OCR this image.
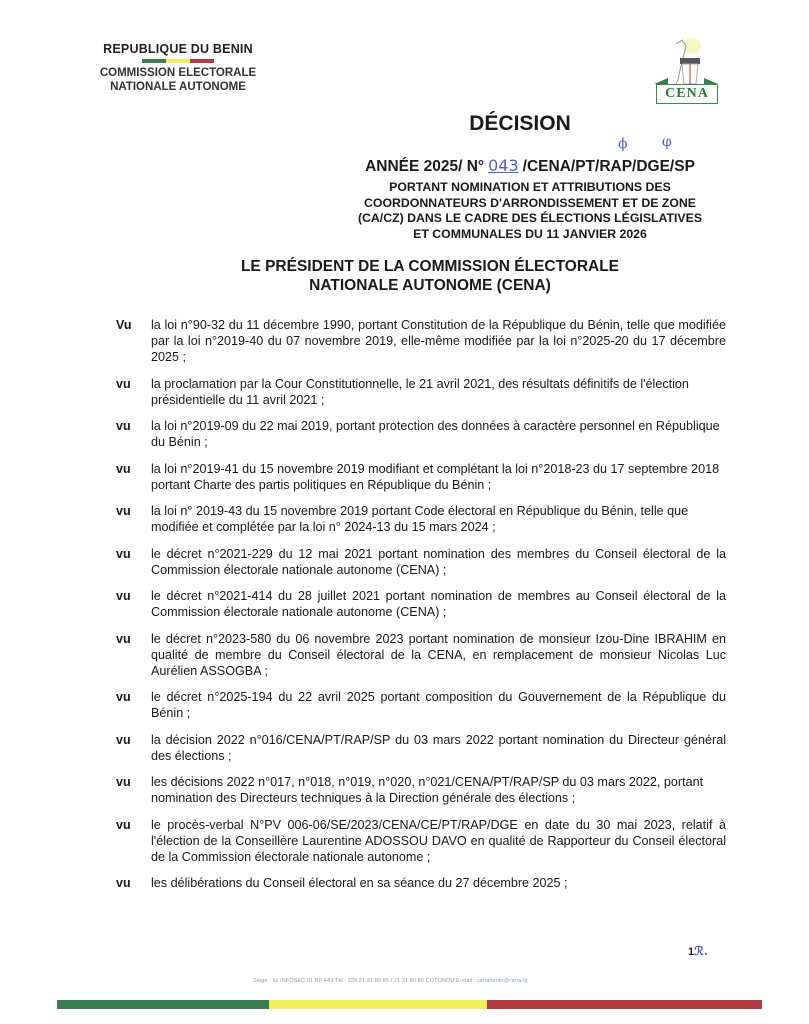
REPUBLIQUE DU BENIN
COMMISSION ELECTORALE
NATIONALE AUTONOME	CENA
DÉCISION
ANNÉE 2025/ N° 043 /CENA/PT/RAP/DGE/SP
ϕ φ
PORTANT NOMINATION ET ATTRIBUTIONS DES
COORDONNATEURS D'ARRONDISSEMENT ET DE ZONE
(CA/CZ) DANS LE CADRE DES ÉLECTIONS LÉGISLATIVES
ET COMMUNALES DU 11 JANVIER 2026
LE PRÉSIDENT DE LA COMMISSION ÉLECTORALE
NATIONALE AUTONOME (CENA)
Vu	la loi n°90-32 du 11 décembre 1990, portant Constitution de la République du Bénin, telle que modifiée par la loi n°2019-40 du 07 novembre 2019, elle-même modifiée par la loi n°2025-20 du 17 décembre 2025 ;
vu	la proclamation par la Cour Constitutionnelle, le 21 avril 2021, des résultats définitifs de l'élection présidentielle du 11 avril 2021 ;
vu	la loi n°2019-09 du 22 mai 2019, portant protection des données à caractère personnel en République du Bénin ;
vu	la loi n°2019-41 du 15 novembre 2019 modifiant et complétant la loi n°2018-23 du 17 septembre 2018 portant Charte des partis politiques en République du Bénin ;
vu	la loi n° 2019-43 du 15 novembre 2019 portant Code électoral en République du Bénin, telle que modifiée et complétée par la loi n° 2024-13 du 15 mars 2024 ;
vu	le décret n°2021-229 du 12 mai 2021 portant nomination des membres du Conseil électoral de la Commission électorale nationale autonome (CENA) ;
vu	le décret n°2021-414 du 28 juillet 2021 portant nomination de membres au Conseil électoral de la Commission électorale nationale autonome (CENA) ;
vu	le décret n°2023-580 du 06 novembre 2023 portant nomination de monsieur Izou-Dine IBRAHIM en qualité de membre du Conseil électoral de la CENA, en remplacement de monsieur Nicolas Luc Aurélien ASSOGBA ;
vu	le décret n°2025-194 du 22 avril 2025 portant composition du Gouvernement de la République du Bénin ;
vu	la décision 2022 n°016/CENA/PT/RAP/SP du 03 mars 2022 portant nomination du Directeur général des élections ;
vu	les décisions 2022 n°017, n°018, n°019, n°020, n°021/CENA/PT/RAP/SP du 03 mars 2022, portant nomination des Directeurs techniques à la Direction générale des élections ;
vu	le procès-verbal N°PV 006-06/SE/2023/CENA/CE/PT/RAP/DGE en date du 30 mai 2023, relatif à l'élection de la Conseillère Laurentine ADOSSOU DAVO en qualité de Rapporteur du Conseil électoral de la Commission électorale nationale autonome ;
vu	les délibérations du Conseil électoral en sa séance du 27 décembre 2025 ;
1ℛ.
Siège : 1x INFOSEC 01 BP 443 Tél : 229 21 31 89 85 / 21 31 89 86 COTONOU E-mail : cenabenin@cena.bj
